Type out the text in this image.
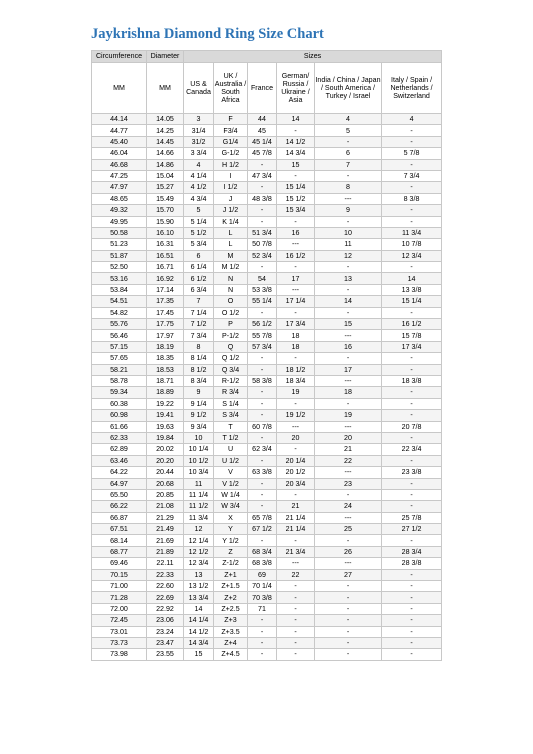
Jaykrishna Diamond Ring Size Chart
Circumference	Diameter	Sizes					
MM	MM	US & Canada	UK / Australia / South Africa	France	German/ Russia / Ukraine / Asia	India / China / Japan / South America / Turkey / Israel	Italy / Spain / Netherlands / Switzerland
44.14	14.05	3	F	44	14	4	4
44.77	14.25	31/4	F3/4	45	-	5	-
45.40	14.45	31/2	G1/4	45 1/4	14 1/2	-	-
46.04	14.66	3 3/4	G-1/2	45 7/8	14 3/4	6	5 7/8
46.68	14.86	4	H 1/2	-	15	7	-
47.25	15.04	4 1/4	I	47 3/4	-	-	7 3/4
47.97	15.27	4 1/2	I 1/2	-	15 1/4	8	-
48.65	15.49	4 3/4	J	48 3/8	15 1/2	---	8 3/8
49.32	15.70	5	J 1/2	-	15 3/4	9	-
49.95	15.90	5 1/4	K 1/4	-	-	-	-
50.58	16.10	5 1/2	L	51 3/4	16	10	11 3/4
51.23	16.31	5 3/4	L	50 7/8	---	11	10 7/8
51.87	16.51	6	M	52 3/4	16 1/2	12	12 3/4
52.50	16.71	6 1/4	M 1/2	-	-	-	-
53.16	16.92	6 1/2	N	54	17	13	14
53.84	17.14	6 3/4	N	53 3/8	---	-	13 3/8
54.51	17.35	7	O	55 1/4	17 1/4	14	15 1/4
54.82	17.45	7 1/4	O 1/2	-	-	-	-
55.76	17.75	7 1/2	P	56 1/2	17 3/4	15	16 1/2
56.46	17.97	7 3/4	P-1/2	55 7/8	18	---	15 7/8
57.15	18.19	8	Q	57 3/4	18	16	17 3/4
57.65	18.35	8 1/4	Q 1/2	-	-	-	-
58.21	18.53	8 1/2	Q 3/4	-	18 1/2	17	-
58.78	18.71	8 3/4	R-1/2	58 3/8	18 3/4	---	18 3/8
59.34	18.89	9	R 3/4	-	19	18	-
60.38	19.22	9 1/4	S 1/4	-	-	-	-
60.98	19.41	9 1/2	S 3/4	-	19 1/2	19	-
61.66	19.63	9 3/4	T	60 7/8	---	---	20 7/8
62.33	19.84	10	T 1/2	-	20	20	-
62.89	20.02	10 1/4	U	62 3/4	-	21	22 3/4
63.46	20.20	10 1/2	U 1/2	-	20 1/4	22	-
64.22	20.44	10 3/4	V	63 3/8	20 1/2	---	23 3/8
64.97	20.68	11	V 1/2	-	20 3/4	23	-
65.50	20.85	11 1/4	W 1/4	-	-	-	-
66.22	21.08	11 1/2	W 3/4	-	21	24	-
66.87	21.29	11 3/4	X	65 7/8	21 1/4	---	25 7/8
67.51	21.49	12	Y	67 1/2	21 1/4	25	27 1/2
68.14	21.69	12 1/4	Y 1/2	-	-	-	-
68.77	21.89	12 1/2	Z	68 3/4	21 3/4	26	28 3/4
69.46	22.11	12 3/4	Z-1/2	68 3/8	---	---	28 3/8
70.15	22.33	13	Z+1	69	22	27	-
71.00	22.60	13 1/2	Z+1.5	70 1/4	-	-	-
71.28	22.69	13 3/4	Z+2	70 3/8	-	-	-
72.00	22.92	14	Z+2.5	71	-	-	-
72.45	23.06	14 1/4	Z+3	-	-	-	-
73.01	23.24	14 1/2	Z+3.5	-	-	-	-
73.73	23.47	14 3/4	Z+4	-	-	-	-
73.98	23.55	15	Z+4.5	-	-	-	-
